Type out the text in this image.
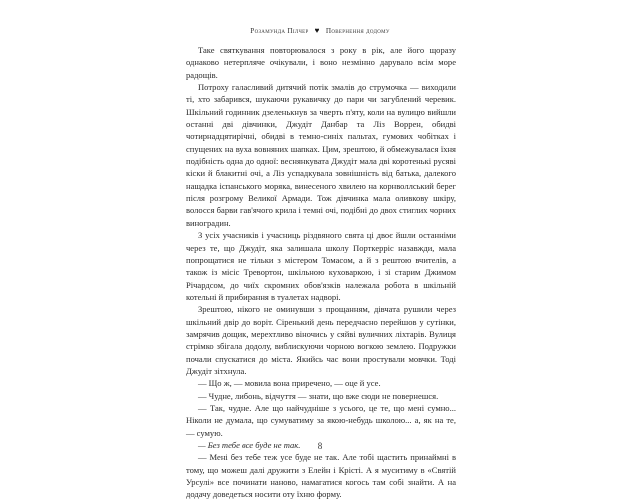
Розамунда Пілчер ♥ Повернення додому

Таке святкування повторювалося з року в рік, але його щоразу однаково нетерпляче очікували, і воно незмінно дарувало всім море радощів.

Потроху галасливий дитячий потік змалів до струмочка — виходили ті, хто забарився, шукаючи рукавичку до пари чи загублений черевик. Шкільний годинник дзеленькнув за чверть п'яту, коли на вулицю вийшли останні дві дівчинки, Джудіт Данбар та Ліз Воррен, обидві чотирнадцятирічні, обидві в темно-синіх пальтах, гумових чобітках і спущених на вуха вовняних шапках. Цим, зрештою, й обмежувалася їхня подібність одна до одної: веснянкувата Джудіт мала дві коротенькі русяві кіски й блакитні очі, а Ліз успадкувала зовнішність від батька, далекого нащадка іспанського моряка, винесеного хвилею на корнволлський берег після розгрому Великої Армади. Тож дівчинка мала оливкову шкіру, волосся барви гав'ячого крила і темні очі, подібні до двох стиглих чорних виноградин.

З усіх учасників і учасниць різдвяного свята ці двоє йшли останніми через те, що Джудіт, яка залишала школу Порткерріс назавжди, мала попрощатися не тільки з містером Томасом, а й з рештою вчителів, а також із місіс Тревортон, шкільною куховаркою, і зі старим Джимом Річардсом, до чиїх скромних обов'язків належала робота в шкільній котельні й прибирання в туалетах надворі.

Зрештою, нікого не оминувши з прощанням, дівчата рушили через шкільний двір до воріт. Сіренький день передчасно перейшов у сутінки, замрячив дощик, мерехтливо віночись у сяйві вуличних ліхтарів. Вулиця стрімко збігала додолу, виблискуючи чорною вогкою землею. Подружки почали спускатися до міста. Якийсь час вони простували мовчки. Тоді Джудіт зітхнула.

— Що ж, — мовила вона приречено, — оце й усе.

— Чудне, либонь, відчуття — знати, що вже сюди не повернешся.

— Так, чудне. Але що найчудніше з усього, це те, що мені сумно... Ніколи не думала, що сумуватиму за якою-небудь школою... а, як на те, — сумую.

— Без тебе все буде не так.

— Мені без тебе теж усе буде не так. Але тобі щастить принаймні в тому, що можеш далі дружити з Елейн і Крісті. А я муситиму в «Святій Урсулі» все починати наново, намагатися когось там собі знайти. А на додачу доведеться носити оту їхню форму.

8
